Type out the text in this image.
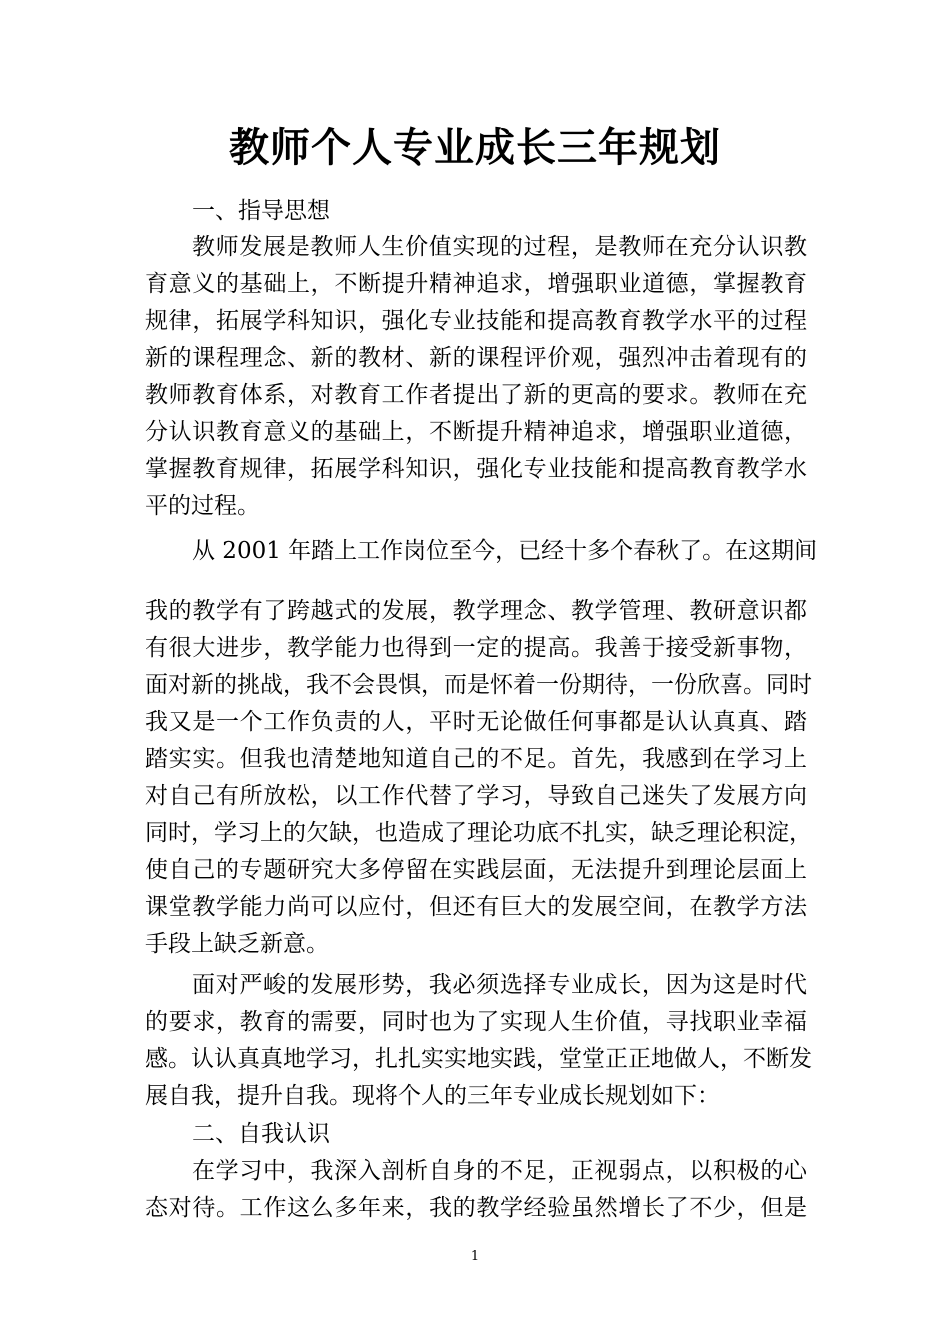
教师个人专业成长三年规划
一、指导思想
教师发展是教师人生价值实现的过程，是教师在充分认识教
育意义的基础上，不断提升精神追求，增强职业道德，掌握教育
规律，拓展学科知识，强化专业技能和提高教育教学水平的过程
新的课程理念、新的教材、新的课程评价观，强烈冲击着现有的
教师教育体系，对教育工作者提出了新的更高的要求。教师在充
分认识教育意义的基础上，不断提升精神追求，增强职业道德，
掌握教育规律，拓展学科知识，强化专业技能和提高教育教学水
平的过程。
从 2001 年踏上工作岗位至今，已经十多个春秋了。在这期间
我的教学有了跨越式的发展，教学理念、教学管理、教研意识都
有很大进步，教学能力也得到一定的提高。我善于接受新事物，
面对新的挑战，我不会畏惧，而是怀着一份期待，一份欣喜。同时
我又是一个工作负责的人，平时无论做任何事都是认认真真、踏
踏实实。但我也清楚地知道自己的不足。首先，我感到在学习上
对自己有所放松，以工作代替了学习，导致自己迷失了发展方向
同时，学习上的欠缺，也造成了理论功底不扎实，缺乏理论积淀，
使自己的专题研究大多停留在实践层面，无法提升到理论层面上
课堂教学能力尚可以应付，但还有巨大的发展空间，在教学方法
手段上缺乏新意。
面对严峻的发展形势，我必须选择专业成长，因为这是时代
的要求，教育的需要，同时也为了实现人生价值，寻找职业幸福
感。认认真真地学习，扎扎实实地实践，堂堂正正地做人，不断发
展自我，提升自我。现将个人的三年专业成长规划如下：
二、自我认识
在学习中，我深入剖析自身的不足，正视弱点，以积极的心
态对待。工作这么多年来，我的教学经验虽然增长了不少，但是
1
